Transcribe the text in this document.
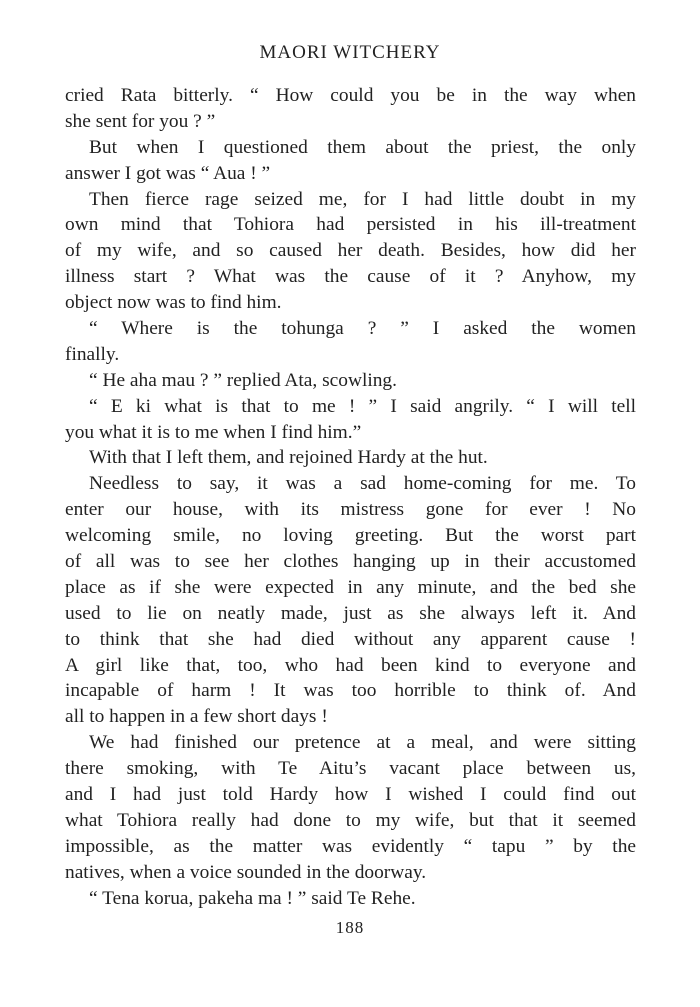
MAORI WITCHERY
cried Rata bitterly. “ How could you be in the way when
she sent for you ? ”
But when I questioned them about the priest, the only
answer I got was “ Aua ! ”
Then fierce rage seized me, for I had little doubt in my
own mind that Tohiora had persisted in his ill-treatment
of my wife, and so caused her death. Besides, how did her
illness start ? What was the cause of it ? Anyhow, my
object now was to find him.
“ Where is the tohunga ? ” I asked the women
finally.
“ He aha mau ? ” replied Ata, scowling.
“ E ki what is that to me ! ” I said angrily. “ I will tell
you what it is to me when I find him.”
With that I left them, and rejoined Hardy at the hut.
Needless to say, it was a sad home-coming for me. To
enter our house, with its mistress gone for ever ! No
welcoming smile, no loving greeting. But the worst part
of all was to see her clothes hanging up in their accustomed
place as if she were expected in any minute, and the bed she
used to lie on neatly made, just as she always left it. And
to think that she had died without any apparent cause !
A girl like that, too, who had been kind to everyone and
incapable of harm ! It was too horrible to think of. And
all to happen in a few short days !
We had finished our pretence at a meal, and were sitting
there smoking, with Te Aitu’s vacant place between us,
and I had just told Hardy how I wished I could find out
what Tohiora really had done to my wife, but that it seemed
impossible, as the matter was evidently “ tapu ” by the
natives, when a voice sounded in the doorway.
“ Tena korua, pakeha ma ! ” said Te Rehe.
188
